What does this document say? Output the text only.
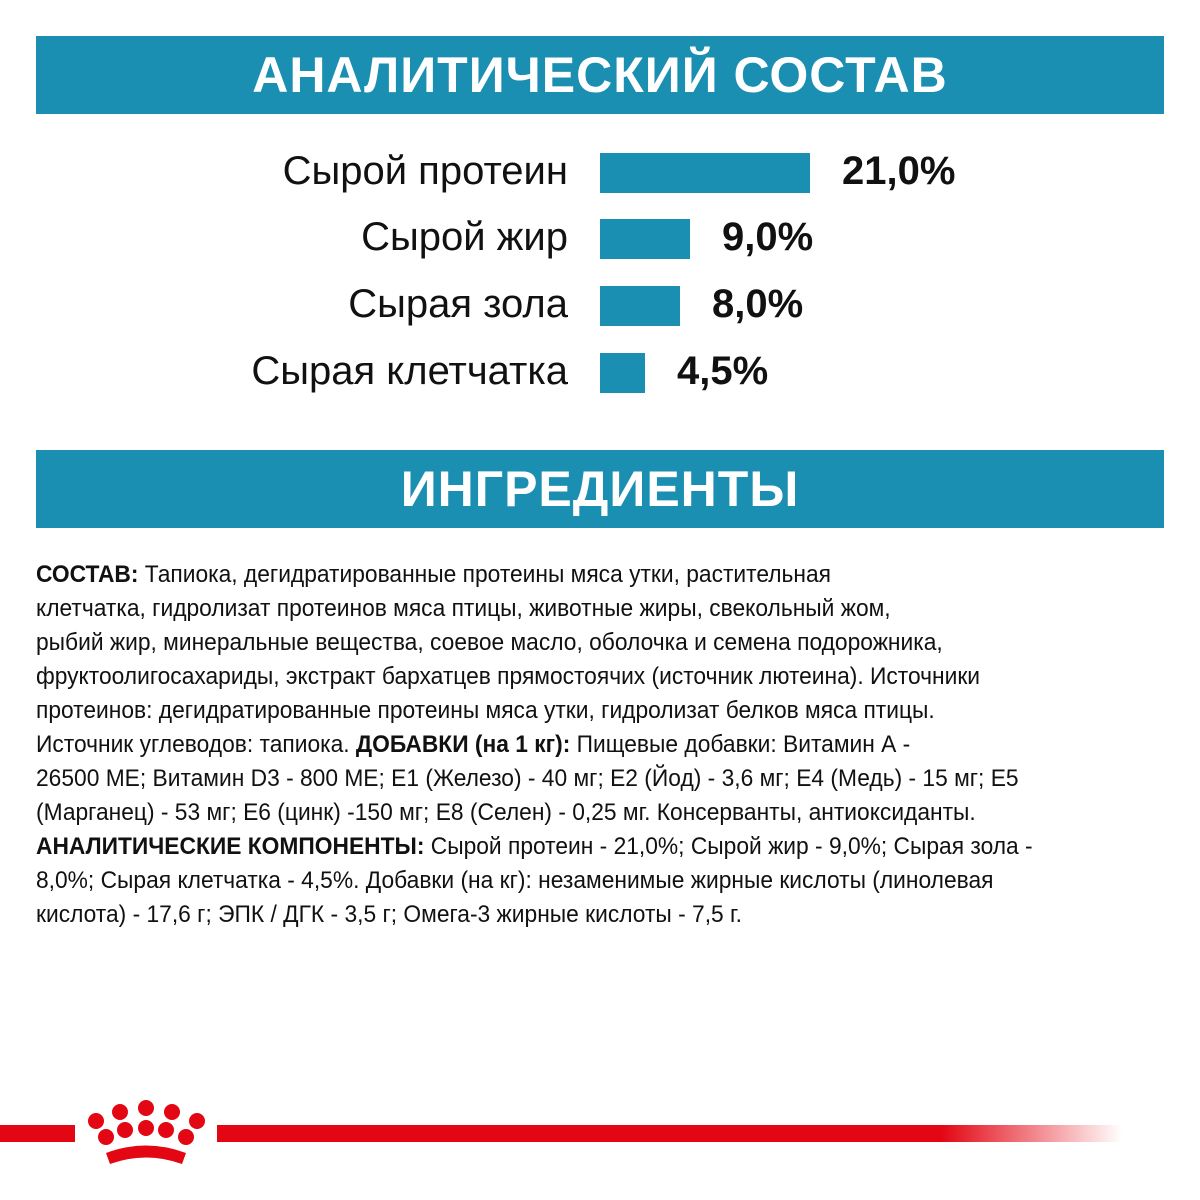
АНАЛИТИЧЕСКИЙ СОСТАВ
Сырой протеин	21,0%
Сырой жир	9,0%
Сырая зола	8,0%
Сырая клетчатка	4,5%
ИНГРЕДИЕНТЫ
СОСТАВ: Тапиока, дегидратированные протеины мяса утки, растительная
клетчатка, гидролизат протеинов мяса птицы, животные жиры, свекольный жом,
рыбий жир, минеральные вещества, соевое масло, оболочка и семена подорожника,
фруктоолигосахариды, экстракт бархатцев прямостоячих (источник лютеина). Источники
протеинов: дегидратированные протеины мяса утки, гидролизат белков мяса птицы.
Источник углеводов: тапиока. ДОБАВКИ (на 1 кг): Пищевые добавки: Витамин А -
26500 МЕ; Витамин D3 - 800 МЕ; Е1 (Железо) - 40 мг; Е2 (Йод) - 3,6 мг; Е4 (Медь) - 15 мг; Е5
(Марганец) - 53 мг; Е6 (цинк) -150 мг; Е8 (Селен) - 0,25 мг. Консерванты, антиоксиданты.
АНАЛИТИЧЕСКИЕ КОМПОНЕНТЫ: Сырой протеин - 21,0%; Сырой жир - 9,0%; Сырая зола -
8,0%; Сырая клетчатка - 4,5%. Добавки (на кг): незаменимые жирные кислоты (линолевая
кислота) - 17,6 г; ЭПК / ДГК - 3,5 г; Омега-3 жирные кислоты - 7,5 г.
